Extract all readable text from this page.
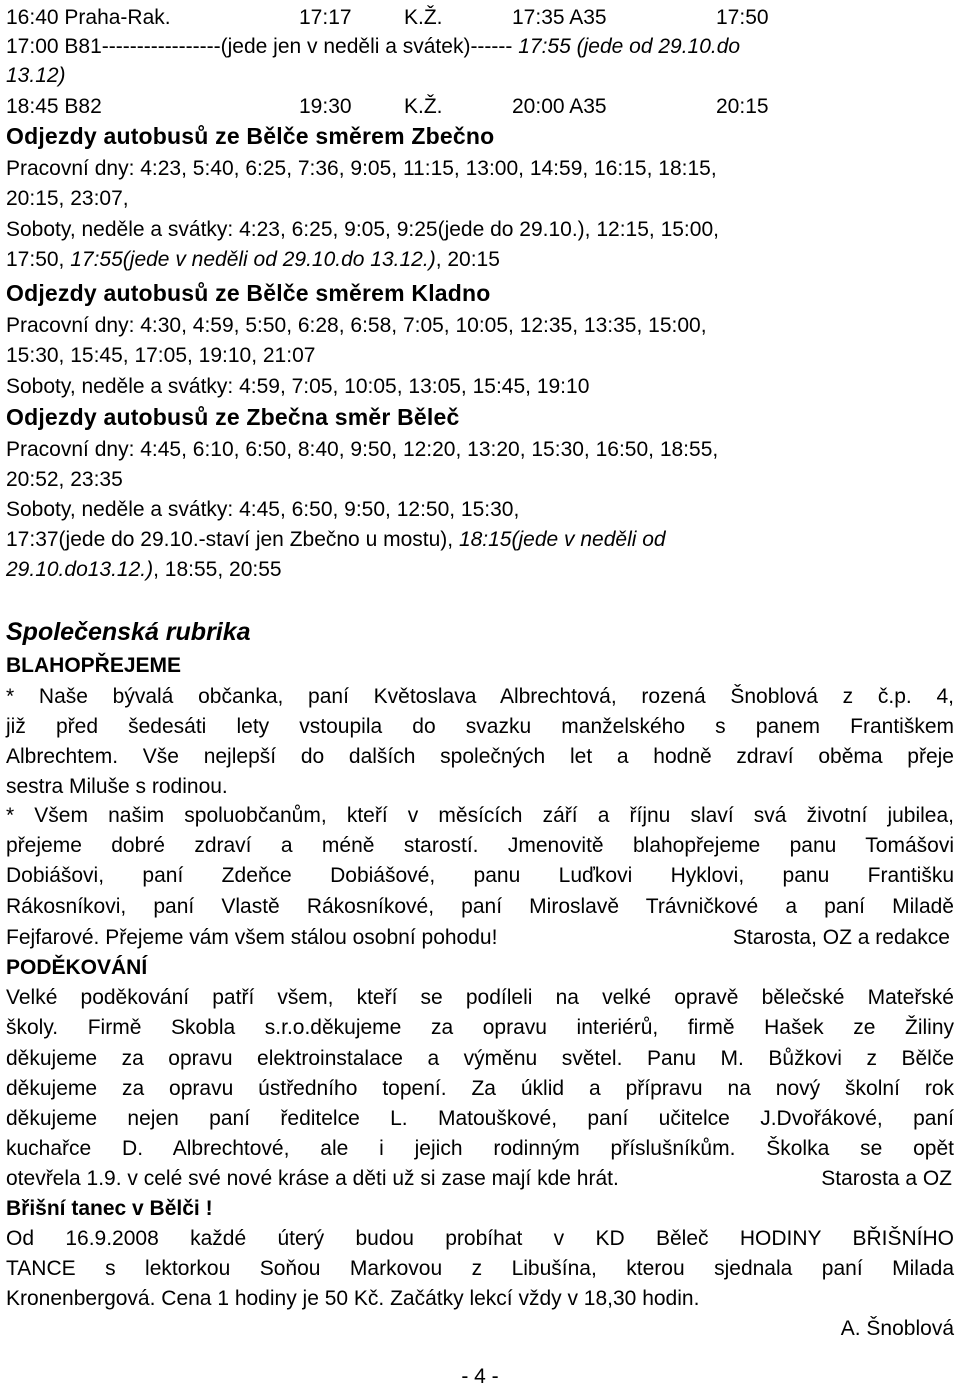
16:40 Praha-Rak.	17:17 K.Ž.	17:35 A35	17:50
17:00 B81-----------------(jede jen v neděli a svátek)------ 17:55 (jede od 29.10.do
13.12)
18:45 B82	19:30 K.Ž.	20:00 A35	20:15
Odjezdy autobusů ze Bělče směrem Zbečno
Pracovní dny: 4:23, 5:40, 6:25, 7:36, 9:05, 11:15, 13:00, 14:59, 16:15, 18:15,
20:15, 23:07,
Soboty, neděle a svátky: 4:23, 6:25, 9:05, 9:25(jede do 29.10.), 12:15, 15:00,
17:50, 17:55(jede v neděli od 29.10.do 13.12.), 20:15
Odjezdy autobusů ze Bělče směrem Kladno
Pracovní dny: 4:30, 4:59, 5:50, 6:28, 6:58, 7:05, 10:05, 12:35, 13:35, 15:00,
15:30, 15:45, 17:05, 19:10, 21:07
Soboty, neděle a svátky: 4:59, 7:05, 10:05, 13:05, 15:45, 19:10
Odjezdy autobusů ze Zbečna směr Běleč
Pracovní dny: 4:45, 6:10, 6:50, 8:40, 9:50, 12:20, 13:20, 15:30, 16:50, 18:55,
20:52, 23:35
Soboty, neděle a svátky: 4:45, 6:50, 9:50, 12:50, 15:30,
17:37(jede do 29.10.-staví jen Zbečno u mostu), 18:15(jede v neděli od
29.10.do13.12.), 18:55, 20:55
Společenská rubrika
BLAHOPŘEJEME
* Naše bývalá občanka, paní Květoslava Albrechtová, rozená Šnoblová z č.p. 4,
již před šedesáti lety vstoupila do svazku manželského s panem Františkem
Albrechtem. Vše nejlepší do dalších společných let a hodně zdraví oběma přeje
sestra Miluše s rodinou.
* Všem našim spoluobčanům, kteří v měsících září a říjnu slaví svá životní jubilea,
přejeme dobré zdraví a méně starostí. Jmenovitě blahopřejeme panu Tomášovi
Dobiášovi, paní Zdeňce Dobiášové, panu Luďkovi Hyklovi, panu Františku
Rákosníkovi, paní Vlastě Rákosníkové, paní Miroslavě Trávničkové a paní Miladě
Fejfarové. Přejeme vám všem stálou osobní pohodu!	Starosta, OZ a redakce
PODĚKOVÁNÍ
Velké poděkování patří všem, kteří se podíleli na velké opravě bělečské Mateřské
školy. Firmě Skobla s.r.o.děkujeme za opravu interiérů, firmě Hašek ze Žiliny
děkujeme za opravu elektroinstalace a výměnu světel. Panu M. Bůžkovi z Bělče
děkujeme za opravu ústředního topení. Za úklid a přípravu na nový školní rok
děkujeme nejen paní ředitelce L. Matouškové, paní učitelce J.Dvořákové, paní
kuchařce D. Albrechtové, ale i jejich rodinným příslušníkům. Školka se opět
otevřela 1.9. v celé své nové kráse a děti už si zase mají kde hrát.	Starosta a OZ
Břišní tanec v Bělči !
Od 16.9.2008 každé úterý budou probíhat v KD Běleč HODINY BŘIŠNÍHO
TANCE s lektorkou Soňou Markovou z Libušína, kterou sjednala paní Milada
Kronenbergová. Cena 1 hodiny je 50 Kč. Začátky lekcí vždy v 18,30 hodin.
A. Šnoblová
- 4 -
